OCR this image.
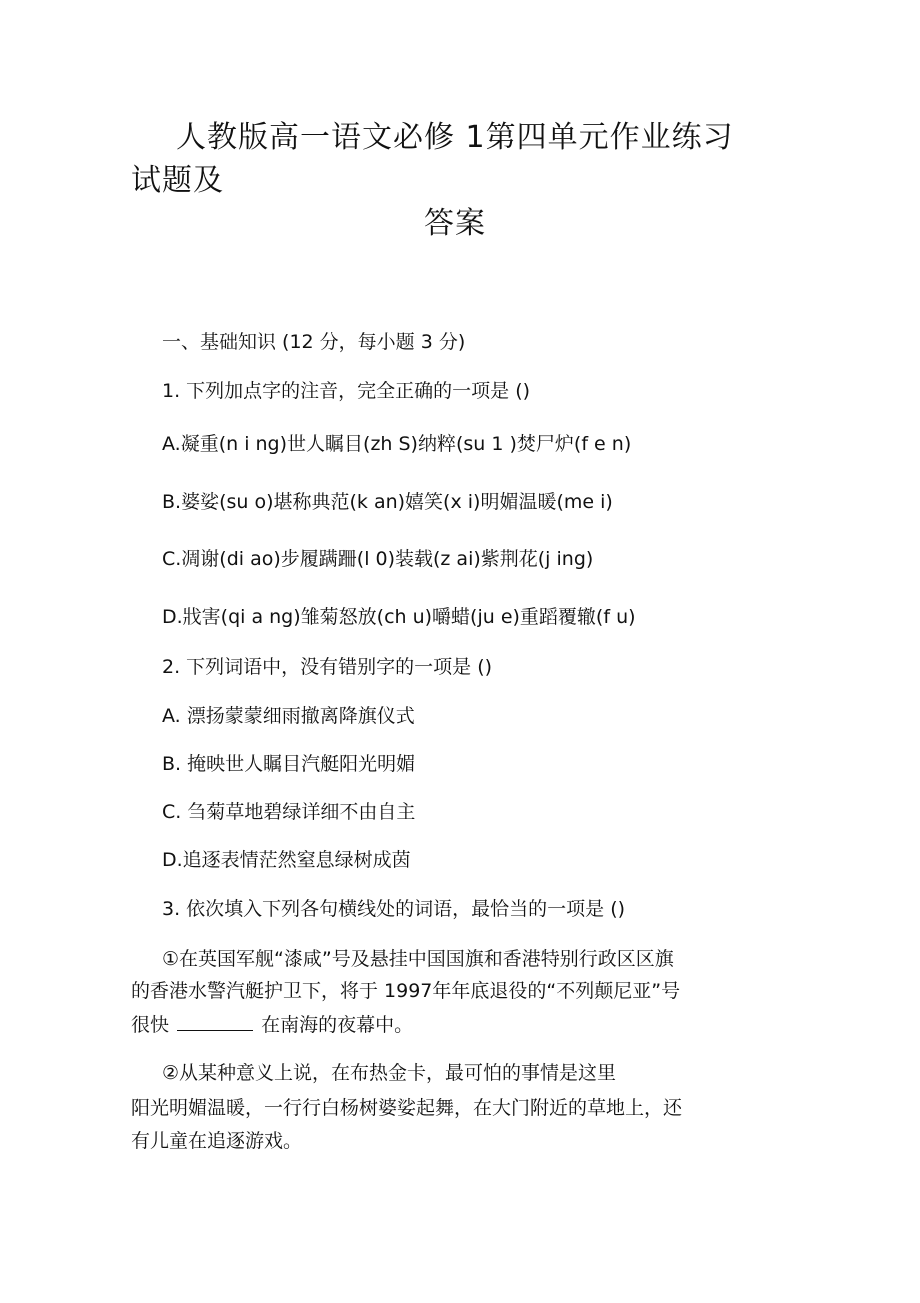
人教版高一语文必修 1第四单元作业练习
试题及
答案
一、基础知识 (12 分，每小题 3 分)
1. 下列加点字的注音，完全正确的一项是 ()
A.凝重(n i ng)世人瞩目(zh S)纳粹(su 1 )焚尸炉(f e n)
B.婆娑(su o)堪称典范(k an)嬉笑(x i)明媚温暖(me i)
C.凋谢(di ao)步履蹒跚(l 0)装载(z ai)紫荆花(j ing)
D.戕害(qi a ng)雏菊怒放(ch u)嚼蜡(ju e)重蹈覆辙(f u)
2. 下列词语中，没有错别字的一项是 ()
A. 漂扬蒙蒙细雨撤离降旗仪式
B. 掩映世人瞩目汽艇阳光明媚
C. 刍菊草地碧绿详细不由自主
D.追逐表情茫然窒息绿树成茵
3. 依次填入下列各句横线处的词语，最恰当的一项是 ()
①在英国军舰“漆咸”号及悬挂中国国旗和香港特别行政区区旗
的香港水警汽艇护卫下，将于 1997年年底退役的“不列颠尼亚”号
很快	在南海的夜幕中。
②从某种意义上说，在布热金卡，最可怕的事情是这里
阳光明媚温暖，一行行白杨树婆娑起舞，在大门附近的草地上，还
有儿童在追逐游戏。
